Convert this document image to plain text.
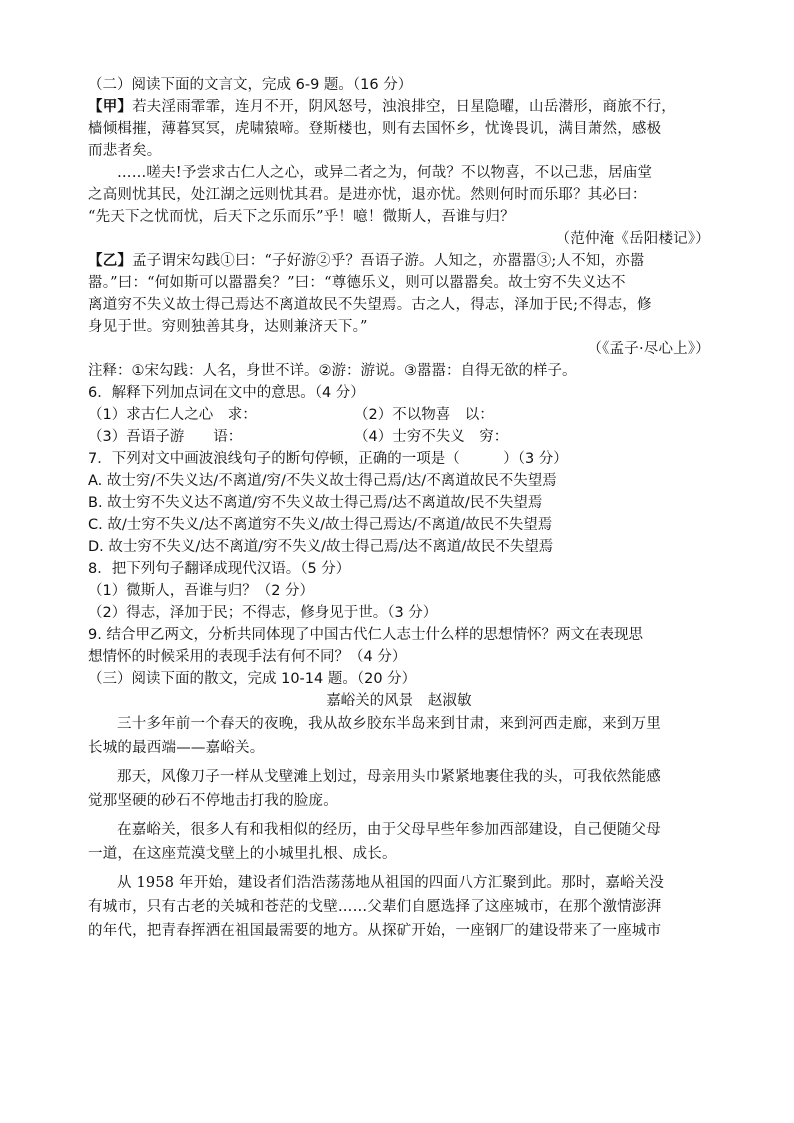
（二）阅读下面的文言文，完成 6-9 题。（16 分）

【甲】若夫淫雨霏霏，连月不开，阴风怒号，浊浪排空，日星隐曜，山岳潜形，商旅不行，

樯倾楫摧，薄暮冥冥，虎啸猿啼。登斯楼也，则有去国怀乡，忧谗畏讥，满目萧然，感极

而悲者矣。

……嗟夫!予尝求古仁人之心，或异二者之为，何哉？不以物喜，不以己悲，居庙堂

之高则忧其民，处江湖之远则忧其君。是进亦忧，退亦忧。然则何时而乐耶？其必曰：

“先天下之忧而忧，后天下之乐而乐”乎！噫！微斯人，吾谁与归？

（范仲淹《岳阳楼记》）

【乙】孟子谓宋勾践①曰：“子好游②乎？吾语子游。人知之，亦嚣嚣③;人不知，亦嚣

嚣。”曰：“何如斯可以嚣嚣矣？”曰：“尊德乐义，则可以嚣嚣矣。故士穷不失义达不

离道穷不失义故士得己焉达不离道故民不失望焉。古之人，得志，泽加于民;不得志，修

身见于世。穷则独善其身，达则兼济天下。”

（《孟子·尽心上》）

注释：①宋勾践：人名，身世不详。②游：游说。③嚣嚣：自得无欲的样子。

6．解释下列加点词在文中的意思。（4 分）

（1）求古仁人之心　 求：	（2）不以物喜　 以：

（3）吾语子游　　 语：	（4）士穷不失义　 穷：

7．下列对文中画波浪线句子的断句停顿，正确的一项是（　　　）（3 分）

A. 故士穷/不失义达/不离道/穷/不失义故士得己焉/达/不离道故民不失望焉

B. 故士穷不失义达不离道/穷不失义故士得己焉/达不离道故/民不失望焉

C. 故/士穷不失义/达不离道穷不失义/故士得己焉达/不离道/故民不失望焉

D. 故士穷不失义/达不离道/穷不失义/故士得己焉/达不离道/故民不失望焉

8．把下列句子翻译成现代汉语。（5 分）

（1）微斯人，吾谁与归？（2 分）

（2）得志，泽加于民；不得志，修身见于世。（3 分）

9. 结合甲乙两文，分析共同体现了中国古代仁人志士什么样的思想情怀？两文在表现思

想情怀的时候采用的表现手法有何不同？（4 分）

（三）阅读下面的散文，完成 10-14 题。（20 分）

嘉峪关的风景　 赵淑敏

三十多年前一个春天的夜晚，我从故乡胶东半岛来到甘肃，来到河西走廊，来到万里

长城的最西端——嘉峪关。

那天，风像刀子一样从戈壁滩上划过，母亲用头巾紧紧地裹住我的头，可我依然能感

觉那坚硬的砂石不停地击打我的脸庞。

在嘉峪关，很多人有和我相似的经历，由于父母早些年参加西部建设，自己便随父母

一道，在这座荒漠戈壁上的小城里扎根、成长。

从 1958 年开始，建设者们浩浩荡荡地从祖国的四面八方汇聚到此。那时，嘉峪关没

有城市，只有古老的关城和苍茫的戈壁……父辈们自愿选择了这座城市，在那个激情澎湃

的年代，把青春挥洒在祖国最需要的地方。从探矿开始，一座钢厂的建设带来了一座城市
